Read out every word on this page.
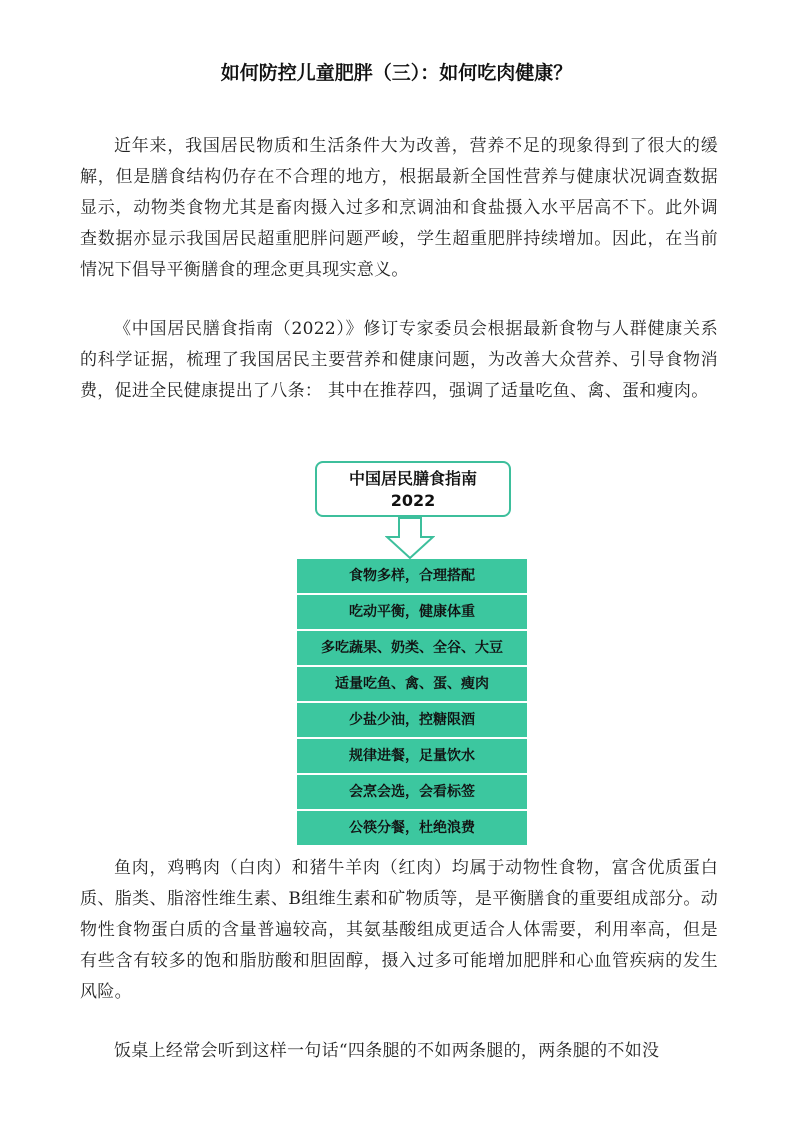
如何防控儿童肥胖（三）：如何吃肉健康？

近年来，我国居民物质和生活条件大为改善，营养不足的现象得到了很大的缓解，但是膳食结构仍存在不合理的地方，根据最新全国性营养与健康状况调查数据显示，动物类食物尤其是畜肉摄入过多和烹调油和食盐摄入水平居高不下。此外调查数据亦显示我国居民超重肥胖问题严峻，学生超重肥胖持续增加。因此，在当前情况下倡导平衡膳食的理念更具现实意义。

《中国居民膳食指南（2022）》修订专家委员会根据最新食物与人群健康关系的科学证据，梳理了我国居民主要营养和健康问题，为改善大众营养、引导食物消费，促进全民健康提出了八条： 其中在推荐四，强调了适量吃鱼、禽、蛋和瘦肉。

中国居民膳食指南
2022
食物多样，合理搭配
吃动平衡，健康体重
多吃蔬果、奶类、全谷、大豆
适量吃鱼、禽、蛋、瘦肉
少盐少油，控糖限酒
规律进餐，足量饮水
会烹会选，会看标签
公筷分餐，杜绝浪费

鱼肉，鸡鸭肉（白肉）和猪牛羊肉（红肉）均属于动物性食物，富含优质蛋白质、脂类、脂溶性维生素、B组维生素和矿物质等，是平衡膳食的重要组成部分。动物性食物蛋白质的含量普遍较高，其氨基酸组成更适合人体需要，利用率高，但是有些含有较多的饱和脂肪酸和胆固醇，摄入过多可能增加肥胖和心血管疾病的发生风险。

饭桌上经常会听到这样一句话“四条腿的不如两条腿的，两条腿的不如没
